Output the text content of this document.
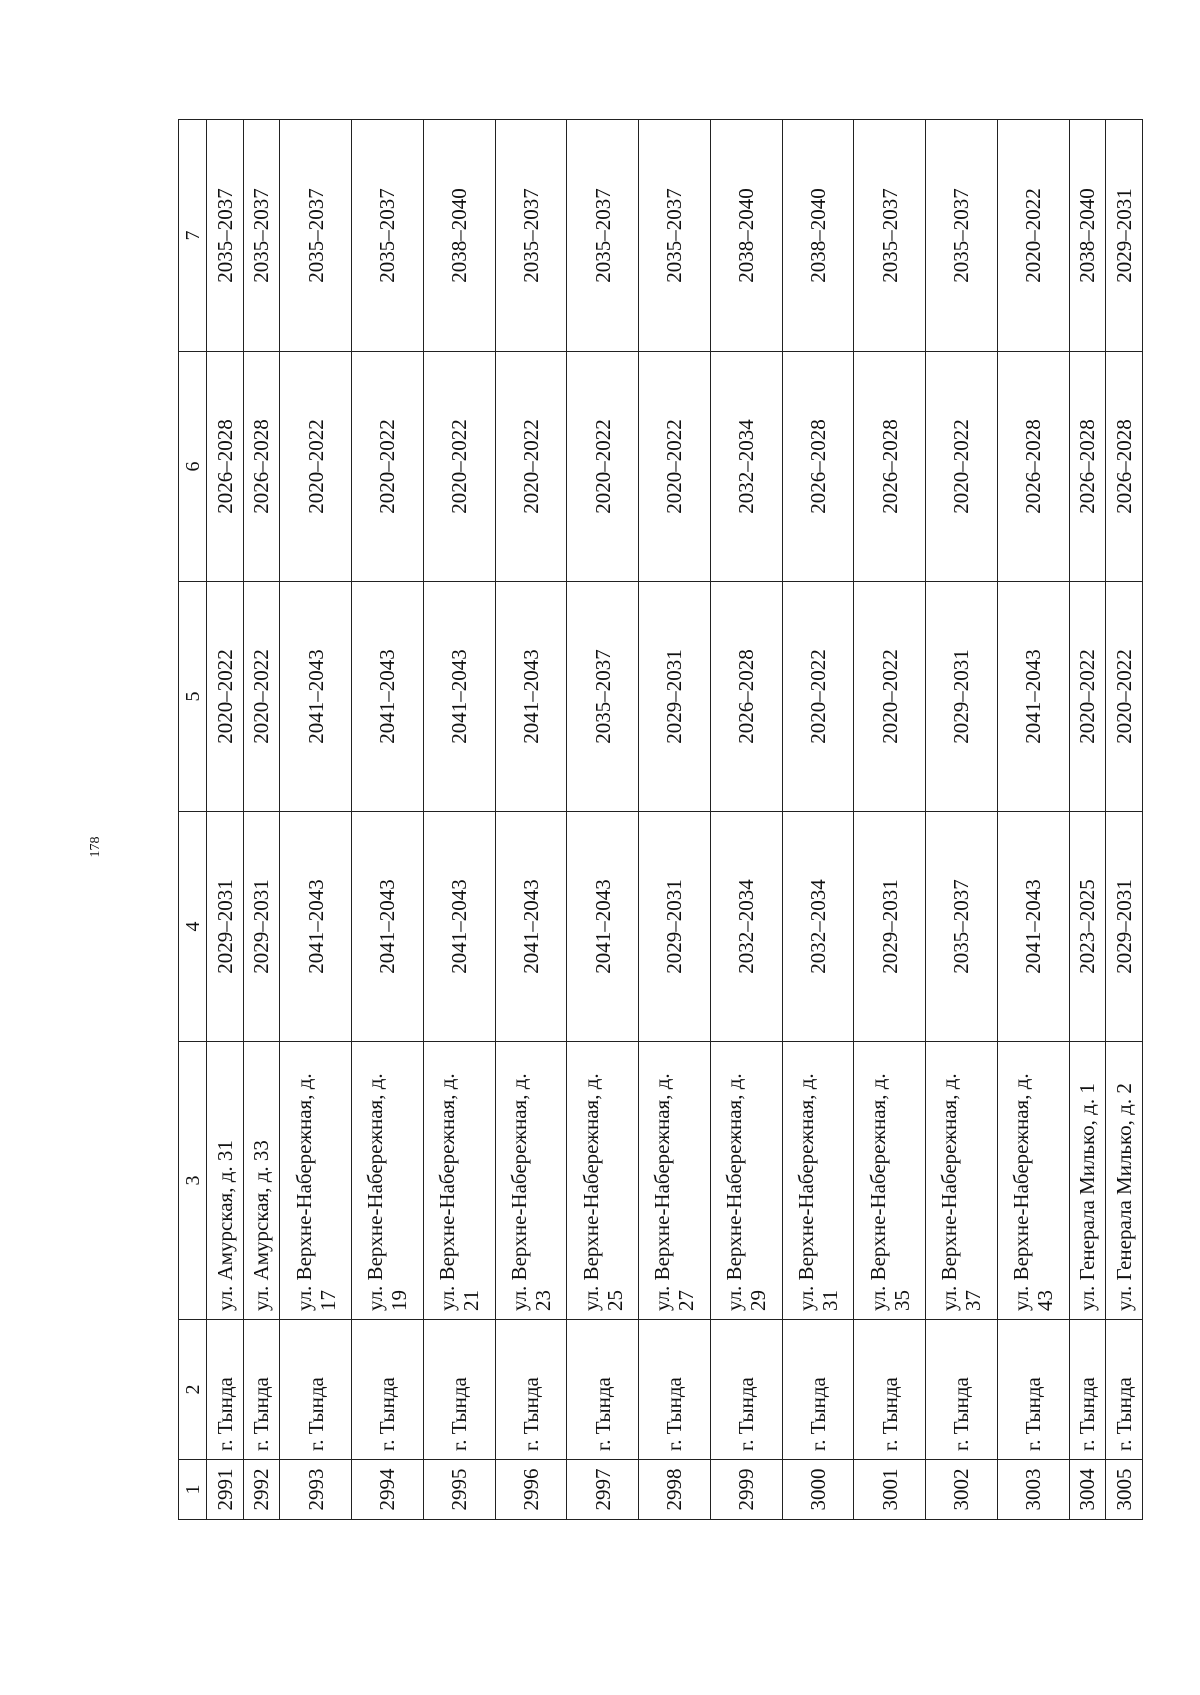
178
1	2	3	4	5	6	7
2991	г. Тында	ул. Амурская, д. 31	2029–2031	2020–2022	2026–2028	2035–2037
2992	г. Тында	ул. Амурская, д. 33	2029–2031	2020–2022	2026–2028	2035–2037
2993	г. Тында	ул. Верхне-Набережная, д. 17	2041–2043	2041–2043	2020–2022	2035–2037
2994	г. Тында	ул. Верхне-Набережная, д. 19	2041–2043	2041–2043	2020–2022	2035–2037
2995	г. Тында	ул. Верхне-Набережная, д. 21	2041–2043	2041–2043	2020–2022	2038–2040
2996	г. Тында	ул. Верхне-Набережная, д. 23	2041–2043	2041–2043	2020–2022	2035–2037
2997	г. Тында	ул. Верхне-Набережная, д. 25	2041–2043	2035–2037	2020–2022	2035–2037
2998	г. Тында	ул. Верхне-Набережная, д. 27	2029–2031	2029–2031	2020–2022	2035–2037
2999	г. Тында	ул. Верхне-Набережная, д. 29	2032–2034	2026–2028	2032–2034	2038–2040
3000	г. Тында	ул. Верхне-Набережная, д. 31	2032–2034	2020–2022	2026–2028	2038–2040
3001	г. Тында	ул. Верхне-Набережная, д. 35	2029–2031	2020–2022	2026–2028	2035–2037
3002	г. Тында	ул. Верхне-Набережная, д. 37	2035–2037	2029–2031	2020–2022	2035–2037
3003	г. Тында	ул. Верхне-Набережная, д. 43	2041–2043	2041–2043	2026–2028	2020–2022
3004	г. Тында	ул. Генерала Милько, д. 1	2023–2025	2020–2022	2026–2028	2038–2040
3005	г. Тында	ул. Генерала Милько, д. 2	2029–2031	2020–2022	2026–2028	2029–2031
